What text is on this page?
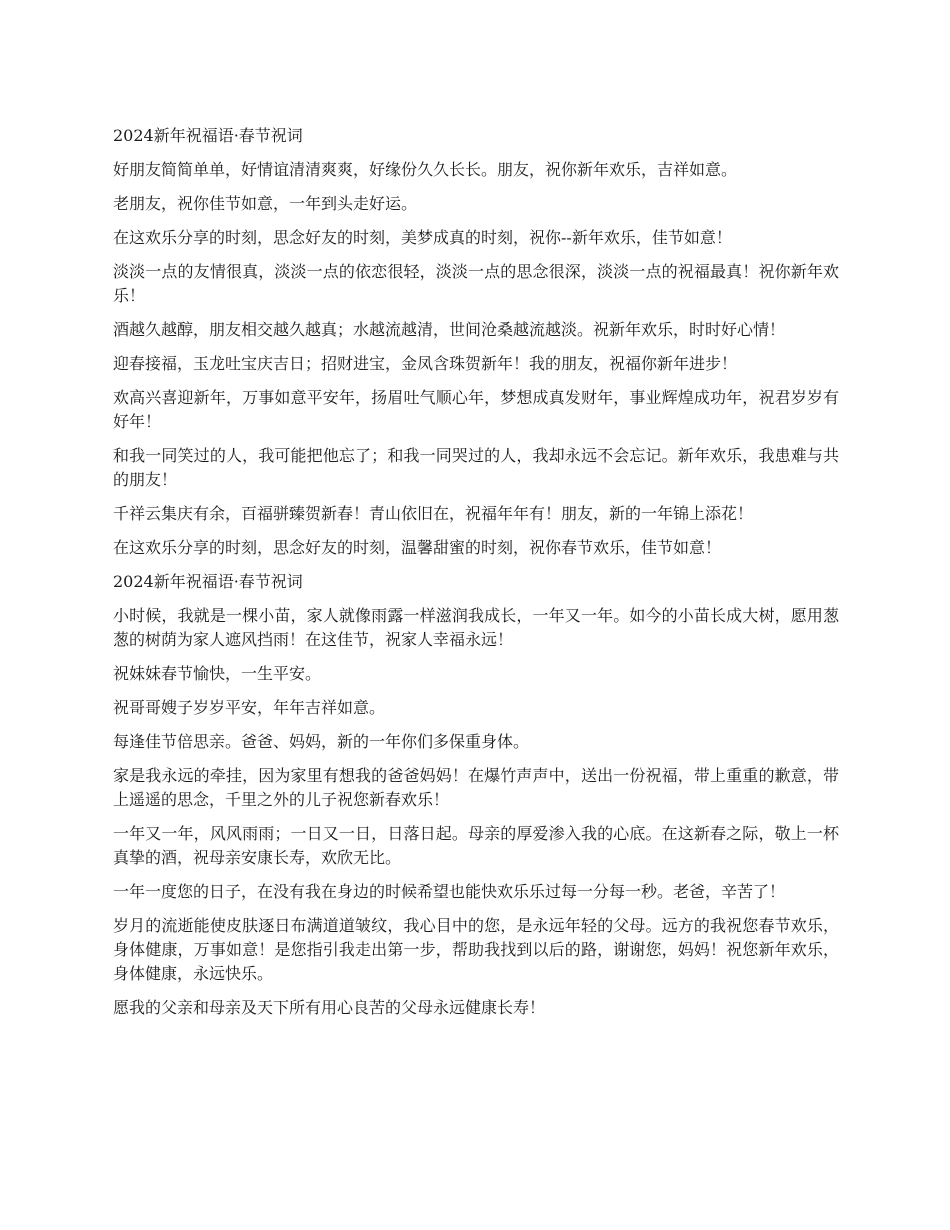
2024新年祝福语·春节祝词

好朋友简简单单，好情谊清清爽爽，好缘份久久长长。朋友，祝你新年欢乐，吉祥如意。

老朋友，祝你佳节如意，一年到头走好运。

在这欢乐分享的时刻，思念好友的时刻，美梦成真的时刻，祝你--新年欢乐，佳节如意！

淡淡一点的友情很真，淡淡一点的依恋很轻，淡淡一点的思念很深，淡淡一点的祝福最真！祝你新年欢乐！

酒越久越醇，朋友相交越久越真；水越流越清，世间沧桑越流越淡。祝新年欢乐，时时好心情！

迎春接福，玉龙吐宝庆吉日；招财进宝，金凤含珠贺新年！我的朋友，祝福你新年进步！

欢高兴喜迎新年，万事如意平安年，扬眉吐气顺心年，梦想成真发财年，事业辉煌成功年，祝君岁岁有好年！

和我一同笑过的人，我可能把他忘了；和我一同哭过的人，我却永远不会忘记。新年欢乐，我患难与共的朋友！

千祥云集庆有余，百福骈臻贺新春！青山依旧在，祝福年年有！朋友，新的一年锦上添花！

在这欢乐分享的时刻，思念好友的时刻，温馨甜蜜的时刻，祝你春节欢乐，佳节如意！

2024新年祝福语·春节祝词

小时候，我就是一棵小苗，家人就像雨露一样滋润我成长，一年又一年。如今的小苗长成大树，愿用葱葱的树荫为家人遮风挡雨！在这佳节，祝家人幸福永远！

祝妹妹春节愉快，一生平安。

祝哥哥嫂子岁岁平安，年年吉祥如意。

每逢佳节倍思亲。爸爸、妈妈，新的一年你们多保重身体。

家是我永远的牵挂，因为家里有想我的爸爸妈妈！在爆竹声声中，送出一份祝福，带上重重的歉意，带上遥遥的思念，千里之外的儿子祝您新春欢乐！

一年又一年，风风雨雨；一日又一日，日落日起。母亲的厚爱渗入我的心底。在这新春之际，敬上一杯真挚的酒，祝母亲安康长寿，欢欣无比。

一年一度您的日子，在没有我在身边的时候希望也能快欢乐乐过每一分每一秒。老爸，辛苦了！

岁月的流逝能使皮肤逐日布满道道皱纹，我心目中的您，是永远年轻的父母。远方的我祝您春节欢乐，身体健康，万事如意！是您指引我走出第一步，帮助我找到以后的路，谢谢您，妈妈！祝您新年欢乐，身体健康，永远快乐。

愿我的父亲和母亲及天下所有用心良苦的父母永远健康长寿！
